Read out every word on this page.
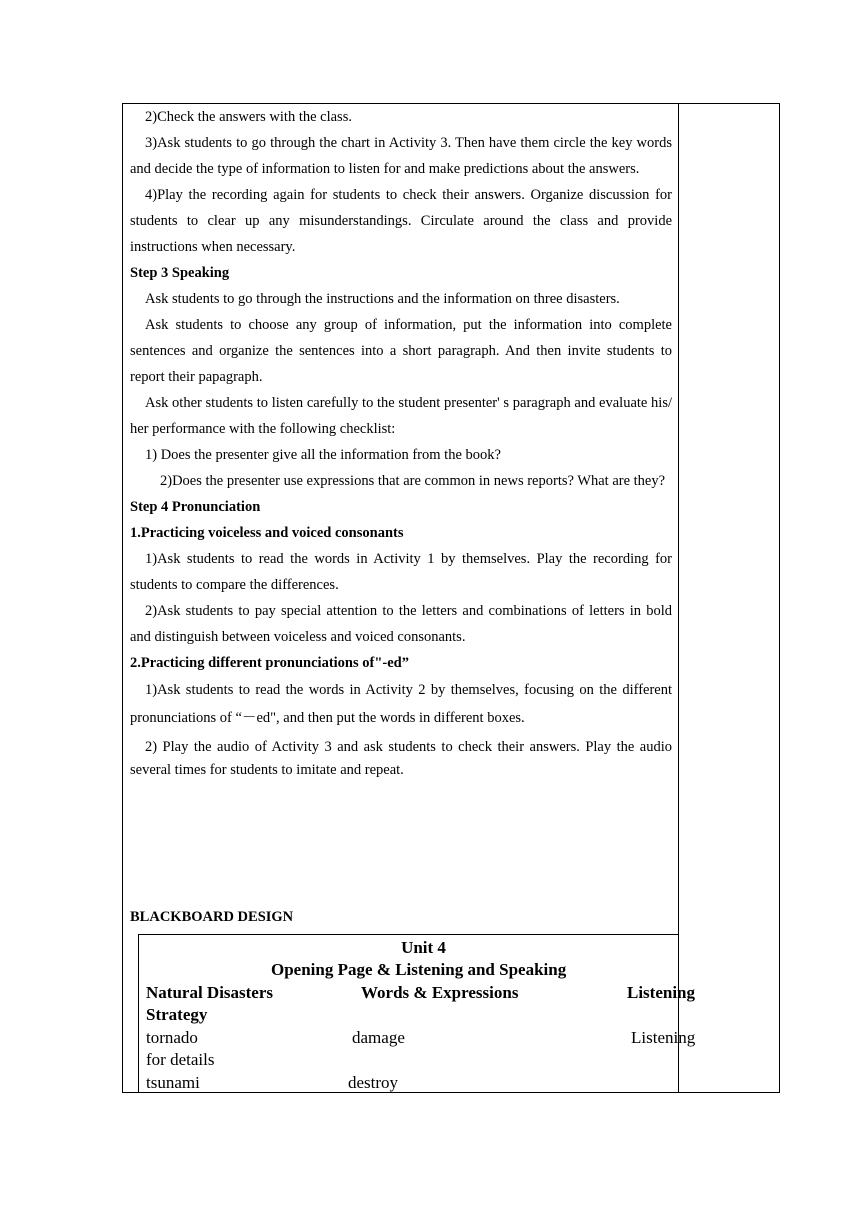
2)Check the answers with the class.

3)Ask students to go through the chart in Activity 3. Then have them circle the key words and decide the type of information to listen for and make predictions about the answers.

4)Play the recording again for students to check their answers. Organize discussion for students to clear up any misunderstandings. Circulate around the class and provide instructions when necessary.

Step 3 Speaking

Ask students to go through the instructions and the information on three disasters.

Ask students to choose any group of information, put the information into complete sentences and organize the sentences into a short paragraph. And then invite students to report their papagraph.

Ask other students to listen carefully to the student presenter' s paragraph and evaluate his/ her performance with the following checklist:

1) Does the presenter give all the information from the book?

2)Does the presenter use expressions that are common in news reports? What are they?

Step 4 Pronunciation

1.Practicing voiceless and voiced consonants

1)Ask students to read the words in Activity 1 by themselves. Play the recording for students to compare the differences.

2)Ask students to pay special attention to the letters and combinations of letters in bold and distinguish between voiceless and voiced consonants.

2.Practicing different pronunciations of"-ed”

1)Ask students to read the words in Activity 2 by themselves, focusing on the different pronunciations of “－ed", and then put the words in different boxes.

2) Play the audio of Activity 3 and ask students to check their answers. Play the audio several times for students to imitate and repeat.

BLACKBOARD DESIGN
Unit 4
Opening Page & Listening and Speaking
Natural Disasters	Words & Expressions	Listening
Strategy
tornado	damage	Listening
for details
tsunami	destroy
